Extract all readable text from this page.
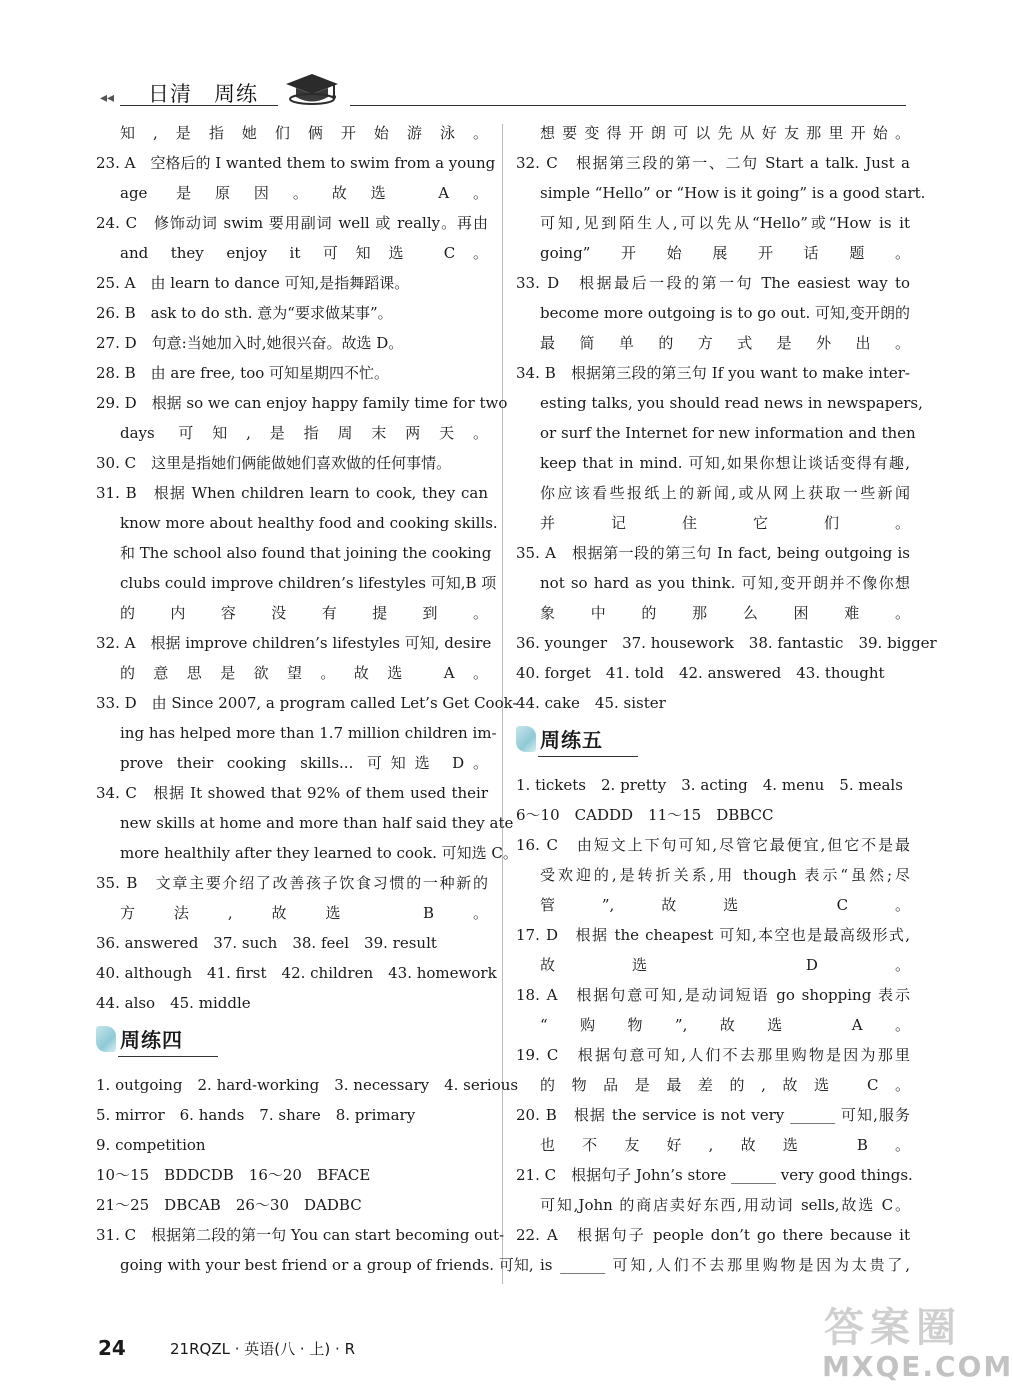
◂◂ 日清　周练
知,是指她们俩开始游泳。
23. A　空格后的 I wanted them to swim from a young
age 是原因。故选 A。
24. C　修饰动词 swim 要用副词 well 或 really。再由
and they enjoy it 可知选 C。
25. A　由 learn to dance 可知,是指舞蹈课。
26. B　ask to do sth. 意为“要求做某事”。
27. D　句意:当她加入时,她很兴奋。故选 D。
28. B　由 are free, too 可知星期四不忙。
29. D　根据 so we can enjoy happy family time for two
days 可知,是指周末两天。
30. C　这里是指她们俩能做她们喜欢做的任何事情。
31. B　根据 When children learn to cook, they can
know more about healthy food and cooking skills.
和 The school also found that joining the cooking
clubs could improve children’s lifestyles 可知,B 项
的内容没有提到。
32. A　根据 improve children’s lifestyles 可知, desire
的意思是欲望。故选 A。
33. D　由 Since 2007, a program called Let’s Get Cook-
ing has helped more than 1.7 million children im-
prove their cooking skills... 可知选 D。
34. C　根据 It showed that 92% of them used their
new skills at home and more than half said they ate
more healthily after they learned to cook. 可知选 C。
35. B　文章主要介绍了改善孩子饮食习惯的一种新的
方法,故选 B。
36. answered　37. such　38. feel　39. result
40. although　41. first　42. children　43. homework
44. also　45. middle
周练四
1. outgoing　2. hard-working　3. necessary　4. serious
5. mirror　6. hands　7. share　8. primary
9. competition
10～15　BDDCDB　16～20　BFACE
21～25　DBCAB　26～30　DADBC
31. C　根据第二段的第一句 You can start becoming out-
going with your best friend or a group of friends. 可知,
想要变得开朗可以先从好友那里开始。
32. C　根据第三段的第一、二句 Start a talk. Just a
simple “Hello” or “How is it going” is a good start.
可知,见到陌生人,可以先从“Hello”或“How is it
going”开始展开话题。
33. D　根据最后一段的第一句 The easiest way to
become more outgoing is to go out. 可知,变开朗的
最简单的方式是外出。
34. B　根据第三段的第三句 If you want to make inter-
esting talks, you should read news in newspapers,
or surf the Internet for new information and then
keep that in mind. 可知,如果你想让谈话变得有趣,
你应该看些报纸上的新闻,或从网上获取一些新闻
并记住它们。
35. A　根据第一段的第三句 In fact, being outgoing is
not so hard as you think. 可知,变开朗并不像你想
象中的那么困难。
36. younger　37. housework　38. fantastic　39. bigger
40. forget　41. told　42. answered　43. thought
44. cake　45. sister
周练五
1. tickets　2. pretty　3. acting　4. menu　5. meals
6～10　CADDD　11～15　DBBCC
16. C　由短文上下句可知,尽管它最便宜,但它不是最
受欢迎的,是转折关系,用 though 表示“虽然;尽
管”,故选 C。
17. D　根据 the cheapest 可知,本空也是最高级形式,
故选 D。
18. A　根据句意可知,是动词短语 go shopping 表示
“购物”,故选 A。
19. C　根据句意可知,人们不去那里购物是因为那里
的物品是最差的,故选 C。
20. B　根据 the service is not very ______ 可知,服务
也不友好,故选 B。
21. C　根据句子 John’s store ______ very good things.
可知,John 的商店卖好东西,用动词 sells,故选 C。
22. A　根据句子 people don’t go there because it
is ______ 可知,人们不去那里购物是因为太贵了,
24	21RQZL · 英语(八 · 上) · R	答案圈
MXQE.COM
